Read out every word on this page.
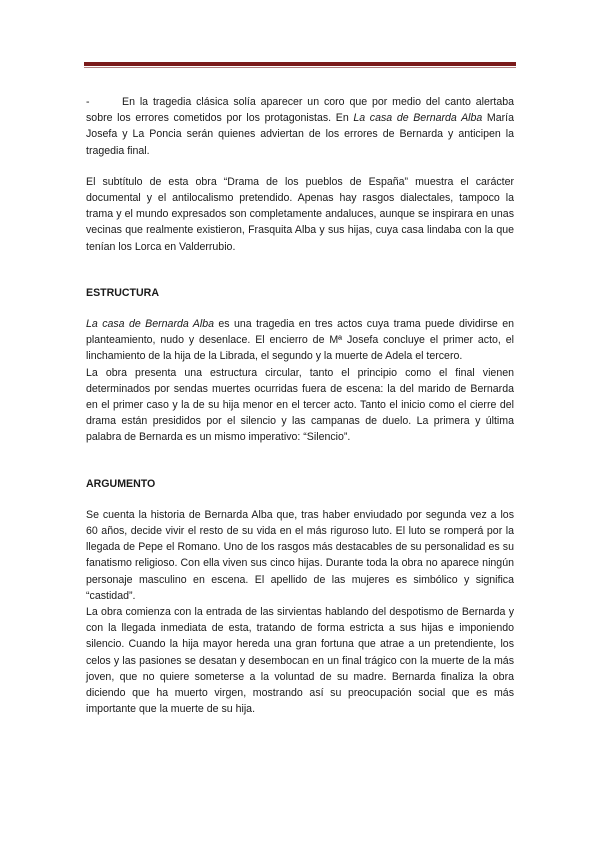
-	En la tragedia clásica solía aparecer un coro que por medio del canto alertaba sobre los errores cometidos por los protagonistas. En La casa de Bernarda Alba María Josefa y La Poncia serán quienes adviertan de los errores de Bernarda y anticipen la tragedia final.

El subtítulo de esta obra “Drama de los pueblos de España” muestra el carácter documental y el antilocalismo pretendido. Apenas hay rasgos dialectales, tampoco la trama y el mundo expresados son completamente andaluces, aunque se inspirara en unas vecinas que realmente existieron, Frasquita Alba y sus hijas, cuya casa lindaba con la que tenían los Lorca en Valderrubio.

ESTRUCTURA

La casa de Bernarda Alba es una tragedia en tres actos cuya trama puede dividirse en planteamiento, nudo y desenlace. El encierro de Mª Josefa concluye el primer acto, el linchamiento de la hija de la Librada, el segundo y la muerte de Adela el tercero.

La obra presenta una estructura circular, tanto el principio como el final vienen determinados por sendas muertes ocurridas fuera de escena: la del marido de Bernarda en el primer caso y la de su hija menor en el tercer acto. Tanto el inicio como el cierre del drama están presididos por el silencio y las campanas de duelo. La primera y última palabra de Bernarda es un mismo imperativo: “Silencio”.

ARGUMENTO

Se cuenta la historia de Bernarda Alba que, tras haber enviudado por segunda vez a los 60 años, decide vivir el resto de su vida en el más riguroso luto. El luto se romperá por la llegada de Pepe el Romano. Uno de los rasgos más destacables de su personalidad es su fanatismo religioso. Con ella viven sus cinco hijas. Durante toda la obra no aparece ningún personaje masculino en escena. El apellido de las mujeres es simbólico y significa “castidad”.

La obra comienza con la entrada de las sirvientas hablando del despotismo de Bernarda y con la llegada inmediata de esta, tratando de forma estricta a sus hijas e imponiendo silencio. Cuando la hija mayor hereda una gran fortuna que atrae a un pretendiente, los celos y las pasiones se desatan y desembocan en un final trágico con la muerte de la más joven, que no quiere someterse a la voluntad de su madre. Bernarda finaliza la obra diciendo que ha muerto virgen, mostrando así su preocupación social que es más importante que la muerte de su hija.
